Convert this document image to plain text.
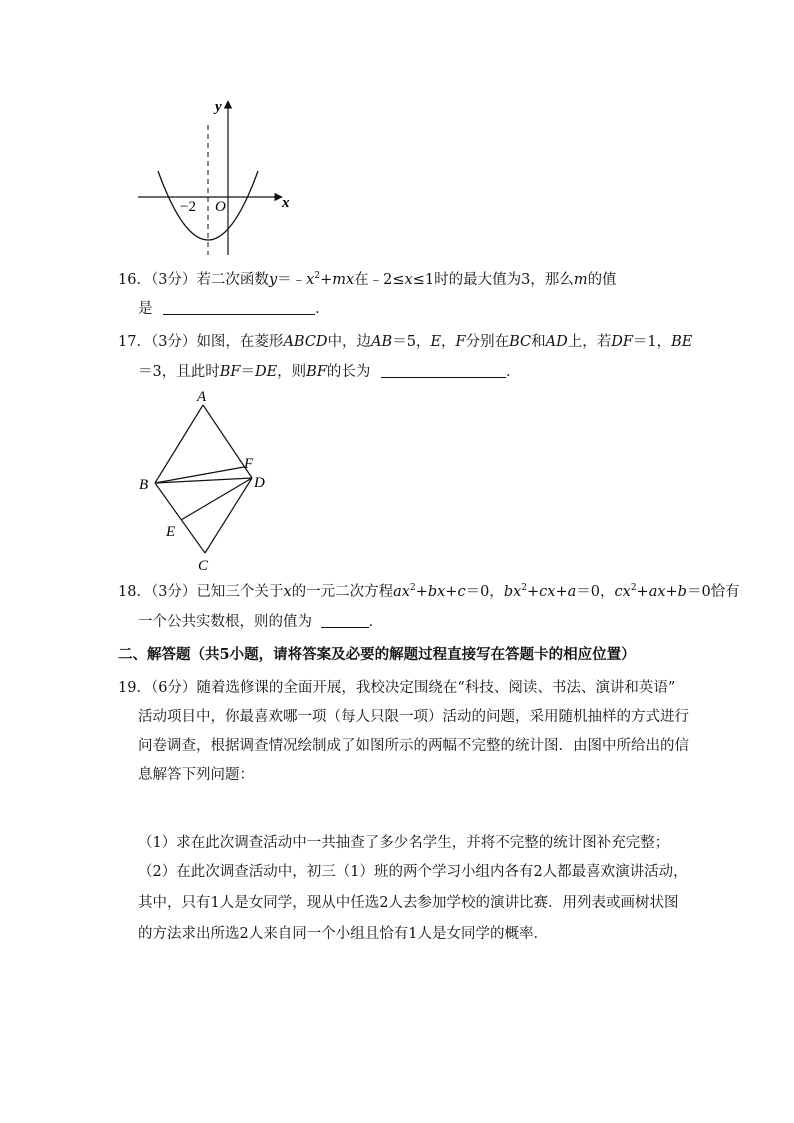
y
x
O
−2
16．（3分）若二次函数$y=﹣x^2+mx$在﹣2≤x≤1时的最大值为3，那么m的值
是	．
17．（3分）如图，在菱形ABCD中，边AB＝5，E，F分别在BC和AD上，若DF＝1，BE
＝3，且此时BF＝DE，则BF的长为	．
A
B
C
D
E
F
18．（3分）已知三个关于x的一元二次方程$ax^2+bx+c=0$，$bx^2+cx+a=0$，$cx^2+ax+b=0$恰有
一个公共实数根，则的值为	．
二、解答题（共5小题，请将答案及必要的解题过程直接写在答题卡的相应位置）
19．（6分）随着选修课的全面开展，我校决定围绕在“科技、阅读、书法、演讲和英语”
活动项目中，你最喜欢哪一项（每人只限一项）活动的问题，采用随机抽样的方式进行
问卷调查，根据调查情况绘制成了如图所示的两幅不完整的统计图．由图中所给出的信
息解答下列问题：
（1）求在此次调查活动中一共抽查了多少名学生，并将不完整的统计图补充完整；
（2）在此次调查活动中，初三（1）班的两个学习小组内各有2人都最喜欢演讲活动，
其中，只有1人是女同学，现从中任选2人去参加学校的演讲比赛．用列表或画树状图
的方法求出所选2人来自同一个小组且恰有1人是女同学的概率．
